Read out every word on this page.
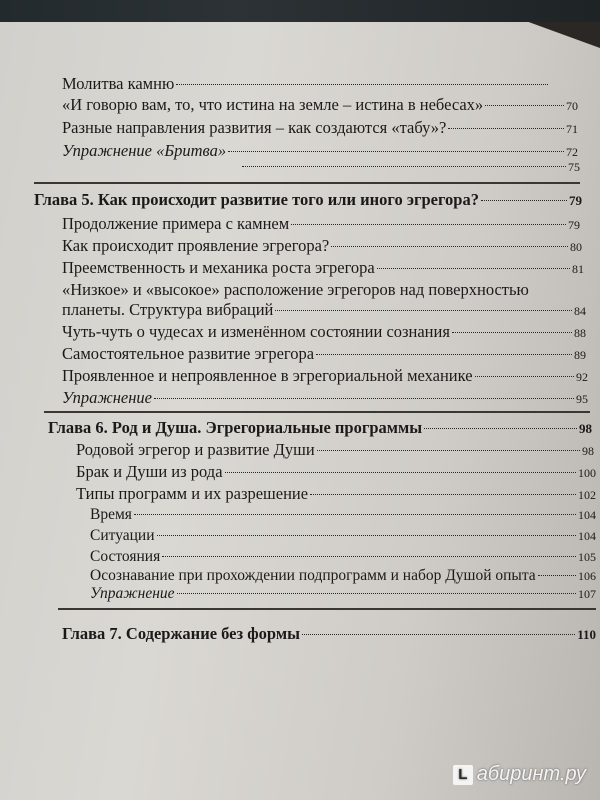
Молитва камню
«И говорю вам, то, что истина на земле – истина в небесах»	70
Разные направления развития – как создаются «табу»?	71
Упражнение «Бритва»	72
75
Глава 5. Как происходит развитие того или иного эгрегора?	79
Продолжение примера с камнем	79
Как происходит проявление эгрегора?	80
Преемственность и механика роста эгрегора	81
«Низкое» и «высокое» расположение эгрегоров над поверхностью
планеты. Структура вибраций	84
Чуть-чуть о чудесах и изменённом состоянии сознания	88
Самостоятельное развитие эгрегора	89
Проявленное и непроявленное в эгрегориальной механике	92
Упражнение	95
Глава 6. Род и Душа. Эгрегориальные программы	98
Родовой эгрегор и развитие Души	98
Брак и Души из рода	100
Типы программ и их разрешение	102
Время	104
Ситуации	104
Состояния	105
Осознавание при прохождении подпрограмм и набор Душой опыта	106
Упражнение	107
Глава 7. Содержание без формы	110
L абиринт.ру
